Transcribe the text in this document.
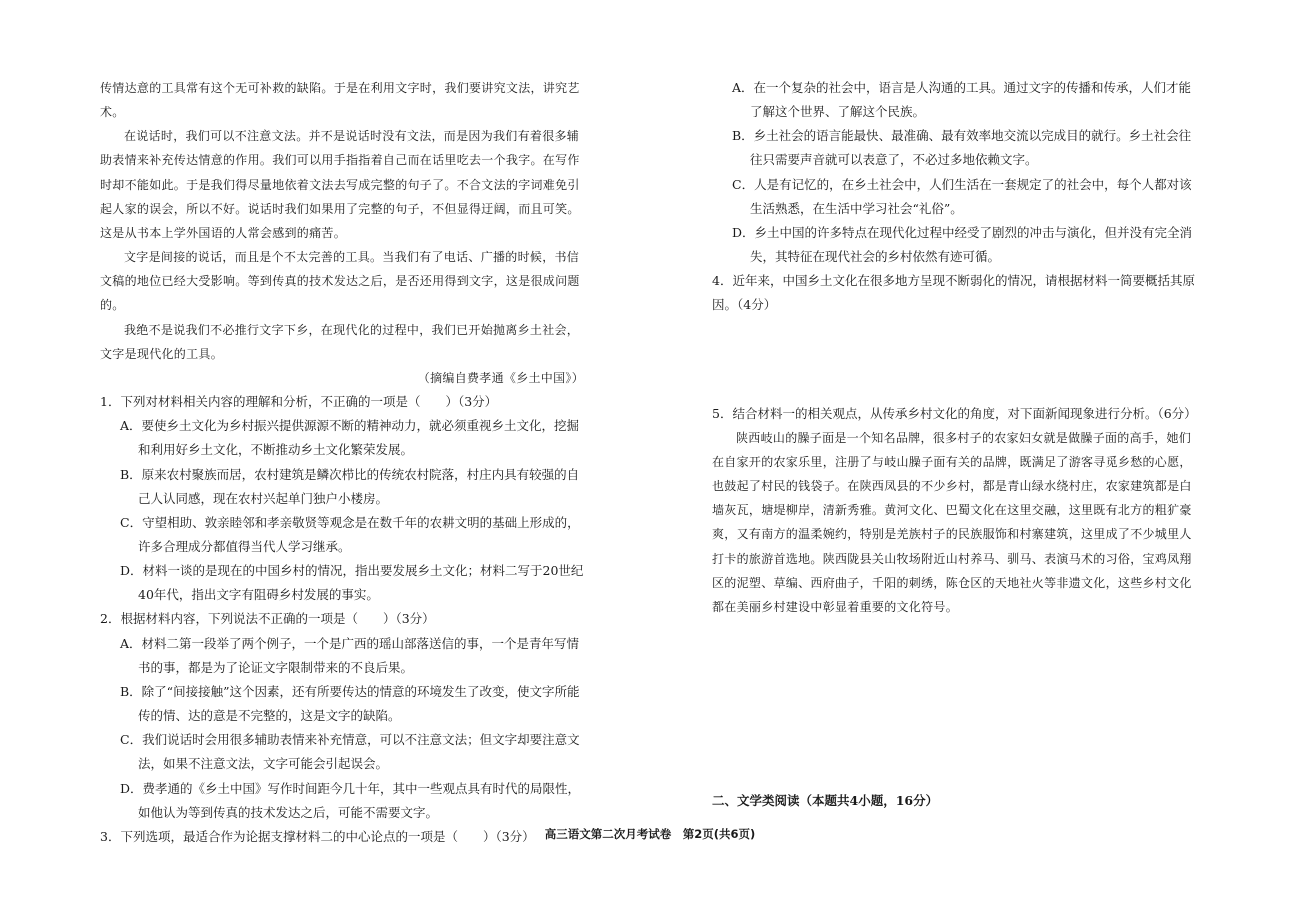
传情达意的工具常有这个无可补救的缺陷。于是在利用文字时，我们要讲究文法，讲究艺术。

在说话时，我们可以不注意文法。并不是说话时没有文法，而是因为我们有着很多辅助表情来补充传达情意的作用。我们可以用手指指着自己而在话里吃去一个我字。在写作时却不能如此。于是我们得尽量地依着文法去写成完整的句子了。不合文法的字词难免引起人家的误会，所以不好。说话时我们如果用了完整的句子，不但显得迂阔，而且可笑。这是从书本上学外国语的人常会感到的痛苦。

文字是间接的说话，而且是个不太完善的工具。当我们有了电话、广播的时候，书信文稿的地位已经大受影响。等到传真的技术发达之后，是否还用得到文字，这是很成问题的。

我绝不是说我们不必推行文字下乡，在现代化的过程中，我们已开始抛离乡土社会，文字是现代化的工具。

（摘编自费孝通《乡土中国》）

1．下列对材料相关内容的理解和分析，不正确的一项是（　　）（3分）

A．要使乡土文化为乡村振兴提供源源不断的精神动力，就必须重视乡土文化，挖掘和利用好乡土文化，不断推动乡土文化繁荣发展。

B．原来农村聚族而居，农村建筑是鳞次栉比的传统农村院落，村庄内具有较强的自己人认同感，现在农村兴起单门独户小楼房。

C．守望相助、敦亲睦邻和孝亲敬贤等观念是在数千年的农耕文明的基础上形成的，许多合理成分都值得当代人学习继承。

D．材料一谈的是现在的中国乡村的情况，指出要发展乡土文化；材料二写于20世纪40年代，指出文字有阻碍乡村发展的事实。

2．根据材料内容，下列说法不正确的一项是（　　）（3分）

A．材料二第一段举了两个例子，一个是广西的瑶山部落送信的事，一个是青年写情书的事，都是为了论证文字限制带来的不良后果。

B．除了“间接接触”这个因素，还有所要传达的情意的环境发生了改变，使文字所能传的情、达的意是不完整的，这是文字的缺陷。

C．我们说话时会用很多辅助表情来补充情意，可以不注意文法；但文字却要注意文法，如果不注意文法，文字可能会引起误会。

D．费孝通的《乡土中国》写作时间距今几十年，其中一些观点具有时代的局限性，如他认为等到传真的技术发达之后，可能不需要文字。

3．下列选项，最适合作为论据支撑材料二的中心论点的一项是（　　）（3分）

A．在一个复杂的社会中，语言是人沟通的工具。通过文字的传播和传承，人们才能了解这个世界、了解这个民族。

B．乡土社会的语言能最快、最准确、最有效率地交流以完成目的就行。乡土社会往往只需要声音就可以表意了，不必过多地依赖文字。

C．人是有记忆的，在乡土社会中，人们生活在一套规定了的社会中，每个人都对该生活熟悉，在生活中学习社会“礼俗”。

D．乡土中国的许多特点在现代化过程中经受了剧烈的冲击与演化，但并没有完全消失，其特征在现代社会的乡村依然有迹可循。

4．近年来，中国乡土文化在很多地方呈现不断弱化的情况，请根据材料一简要概括其原因。（4分）

5．结合材料一的相关观点，从传承乡村文化的角度，对下面新闻现象进行分析。（6分）

陕西岐山的臊子面是一个知名品牌，很多村子的农家妇女就是做臊子面的高手，她们在自家开的农家乐里，注册了与岐山臊子面有关的品牌，既满足了游客寻觅乡愁的心愿，也鼓起了村民的钱袋子。在陕西凤县的不少乡村，都是青山绿水绕村庄，农家建筑都是白墙灰瓦，塘堤柳岸，清新秀雅。黄河文化、巴蜀文化在这里交融，这里既有北方的粗犷豪爽，又有南方的温柔婉约，特别是羌族村子的民族服饰和村寨建筑，这里成了不少城里人打卡的旅游首选地。陕西陇县关山牧场附近山村养马、驯马、表演马术的习俗，宝鸡凤翔区的泥塑、草编、西府曲子，千阳的刺绣，陈仓区的天地社火等非遗文化，这些乡村文化都在美丽乡村建设中彰显着重要的文化符号。

二、文学类阅读（本题共4小题，16分）

高三语文第二次月考试卷　第2页(共6页)
